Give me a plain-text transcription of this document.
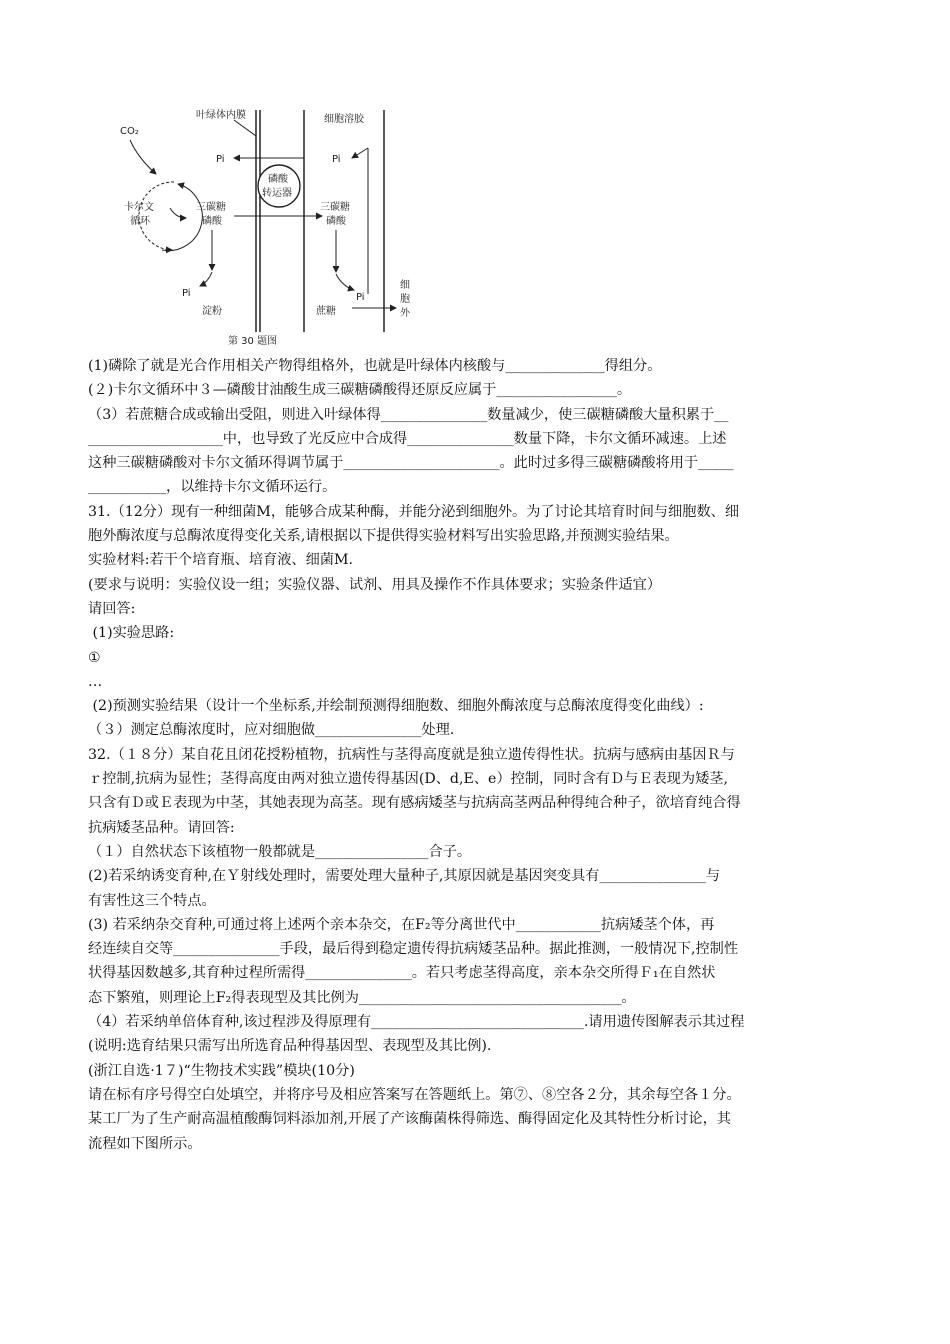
叶绿体内膜	细胞溶胶
CO₂
卡尔文
循环
Pi
三碳糖
磷酸
Pi
淀粉
磷酸
转运器
Pi
三碳糖
磷酸
Pi
蔗糖
细
胞
外
第 30 题图

(1)磷除了就是光合作用相关产物得组格外，也就是叶绿体内核酸与______________得组分。

(２)卡尔文循环中３—磷酸甘油酸生成三碳糖磷酸得还原反应属于_________________。

（3）若蔗糖合成或输出受阻，则进入叶绿体得_______________数量减少，使三碳糖磷酸大量积累于__

___________________中，也导致了光反应中合成得_______________数量下降，卡尔文循环减速。上述

这种三碳糖磷酸对卡尔文循环得调节属于______________________。此时过多得三碳糖磷酸将用于_____

___________，以维持卡尔文循环运行。

31.（12分）现有一种细菌M，能够合成某种酶，并能分泌到细胞外。为了讨论其培育时间与细胞数、细

胞外酶浓度与总酶浓度得变化关系,请根据以下提供得实验材料写出实验思路,并预测实验结果。

实验材料:若干个培育瓶、培育液、细菌M.

(要求与说明：实验仪设一组；实验仪器、试剂、用具及操作不作具体要求；实验条件适宜）

请回答:

(1)实验思路:

①

…

(2)预测实验结果（设计一个坐标系,并绘制预测得细胞数、细胞外酶浓度与总酶浓度得变化曲线）:

（３）测定总酶浓度时，应对细胞做_______________处理.

32.（１８分）某自花且闭花授粉植物，抗病性与茎得高度就是独立遗传得性状。抗病与感病由基因Ｒ与

ｒ控制,抗病为显性；茎得高度由两对独立遗传得基因(D、d,E、e）控制，同时含有Ｄ与Ｅ表现为矮茎,

只含有Ｄ或Ｅ表现为中茎，其她表现为高茎。现有感病矮茎与抗病高茎两品种得纯合种子，欲培育纯合得

抗病矮茎品种。请回答:

（１）自然状态下该植物一般都就是________________合子。

(2)若采纳诱变育种,在Ｙ射线处理时，需要处理大量种子,其原因就是基因突变具有_______________与

有害性这三个特点。

(3) 若采纳杂交育种,可通过将上述两个亲本杂交，在F₂等分离世代中____________抗病矮茎个体，再

经连续自交等_______________手段，最后得到稳定遗传得抗病矮茎品种。据此推测，一般情况下,控制性

状得基因数越多,其育种过程所需得_______________。若只考虑茎得高度，亲本杂交所得Ｆ₁在自然状

态下繁殖，则理论上F₂得表现型及其比例为_____________________________________。

（4）若采纳单倍体育种,该过程涉及得原理有______________________________.请用遗传图解表示其过程

(说明:选育结果只需写出所选育品种得基因型、表现型及其比例).

(浙江自选·1７)“生物技术实践”模块(10分)

请在标有序号得空白处填空，并将序号及相应答案写在答题纸上。第⑦、⑧空各２分，其余每空各１分。

某工厂为了生产耐高温植酸酶饲料添加剂,开展了产该酶菌株得筛选、酶得固定化及其特性分析讨论，其

流程如下图所示。
